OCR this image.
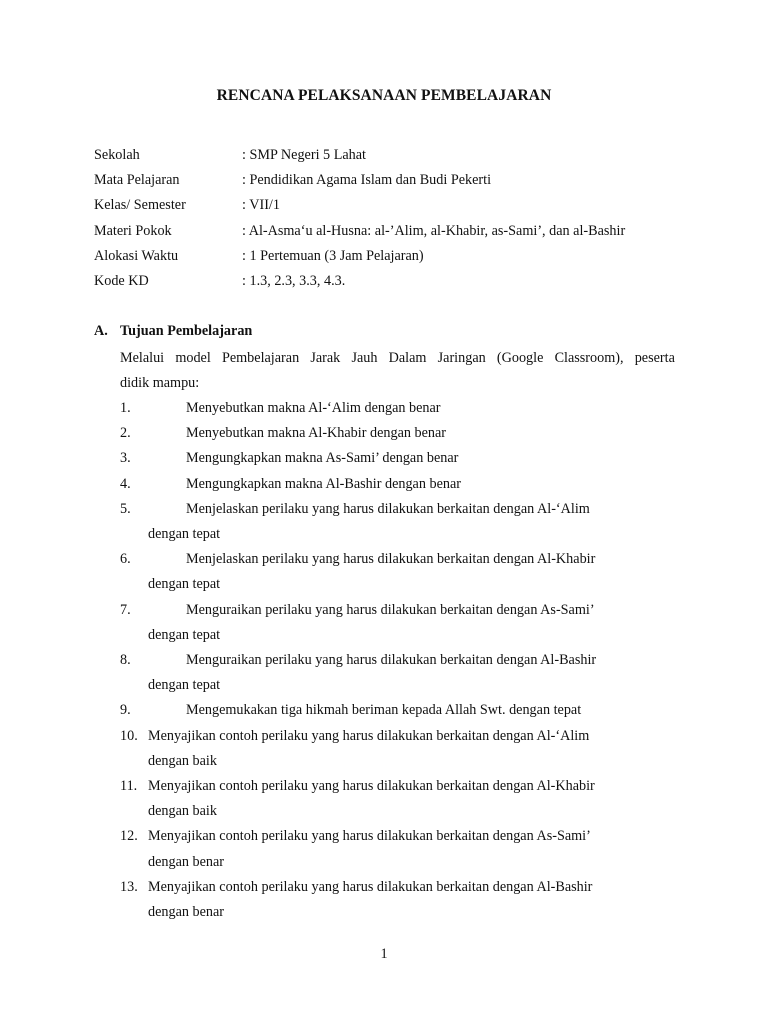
RENCANA PELAKSANAAN PEMBELAJARAN
Sekolah	: SMP Negeri 5 Lahat
Mata Pelajaran	: Pendidikan Agama Islam dan Budi Pekerti
Kelas/ Semester	: VII/1
Materi Pokok	: Al-Asma‘u al-Husna: al-’Alim, al-Khabir, as-Sami’, dan al-Bashir
Alokasi Waktu	: 1 Pertemuan (3 Jam Pelajaran)
Kode KD	: 1.3, 2.3, 3.3, 4.3.
A. Tujuan Pembelajaran
Melalui model Pembelajaran Jarak Jauh Dalam Jaringan (Google Classroom), peserta
didik mampu:
1.	Menyebutkan makna Al-‘Alim dengan benar
2.	Menyebutkan makna Al-Khabir dengan benar
3.	Mengungkapkan makna As-Sami’ dengan benar
4.	Mengungkapkan makna Al-Bashir dengan benar
5.	Menjelaskan perilaku yang harus dilakukan berkaitan dengan Al-‘Alim
dengan tepat
6.	Menjelaskan perilaku yang harus dilakukan berkaitan dengan Al-Khabir
dengan tepat
7.	Menguraikan perilaku yang harus dilakukan berkaitan dengan As-Sami’
dengan tepat
8.	Menguraikan perilaku yang harus dilakukan berkaitan dengan Al-Bashir
dengan tepat
9.	Mengemukakan tiga hikmah beriman kepada Allah Swt. dengan tepat
10. Menyajikan contoh perilaku yang harus dilakukan berkaitan dengan Al-‘Alim
dengan baik
11. Menyajikan contoh perilaku yang harus dilakukan berkaitan dengan Al-Khabir
dengan baik
12. Menyajikan contoh perilaku yang harus dilakukan berkaitan dengan As-Sami’
dengan benar
13. Menyajikan contoh perilaku yang harus dilakukan berkaitan dengan Al-Bashir
dengan benar
1
